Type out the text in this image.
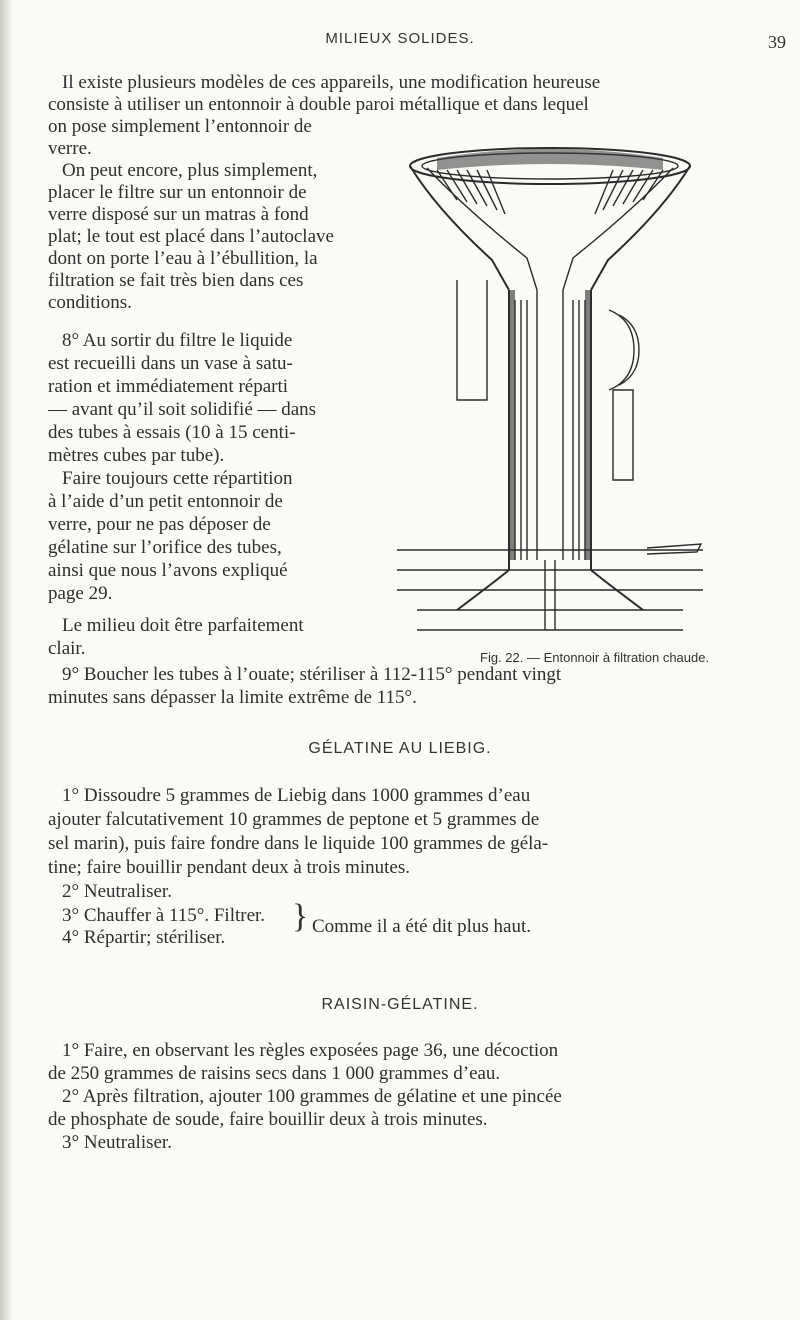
MILIEUX SOLIDES.	39
Il existe plusieurs modèles de ces appareils, une modification heureuse
consiste à utiliser un entonnoir à double paroi métallique et dans lequel
on pose simplement l’entonnoir de
verre.
On peut encore, plus simplement,
placer le filtre sur un entonnoir de
verre disposé sur un matras à fond
plat; le tout est placé dans l’autoclave
dont on porte l’eau à l’ébullition, la
filtration se fait très bien dans ces
conditions.
8° Au sortir du filtre le liquide
est recueilli dans un vase à satu-
ration et immédiatement réparti
— avant qu’il soit solidifié — dans
des tubes à essais (10 à 15 centi-
mètres cubes par tube).
Faire toujours cette répartition
à l’aide d’un petit entonnoir de
verre, pour ne pas déposer de
gélatine sur l’orifice des tubes,
ainsi que nous l’avons expliqué
page 29.
Le milieu doit être parfaitement
clair.	Fig. 22. — Entonnoir à filtration chaude.
9° Boucher les tubes à l’ouate; stériliser à 112-115° pendant vingt
minutes sans dépasser la limite extrême de 115°.
GÉLATINE AU LIEBIG.
1° Dissoudre 5 grammes de Liebig dans 1000 grammes d’eau
ajouter falcutativement 10 grammes de peptone et 5 grammes de
sel marin), puis faire fondre dans le liquide 100 grammes de géla-
tine; faire bouillir pendant deux à trois minutes.
2° Neutraliser.
3° Chauffer à 115°. Filtrer.
4° Répartir; stériliser.
} Comme il a été dit plus haut.
RAISIN-GÉLATINE.
1° Faire, en observant les règles exposées page 36, une décoction
de 250 grammes de raisins secs dans 1 000 grammes d’eau.
2° Après filtration, ajouter 100 grammes de gélatine et une pincée
de phosphate de soude, faire bouillir deux à trois minutes.
3° Neutraliser.
